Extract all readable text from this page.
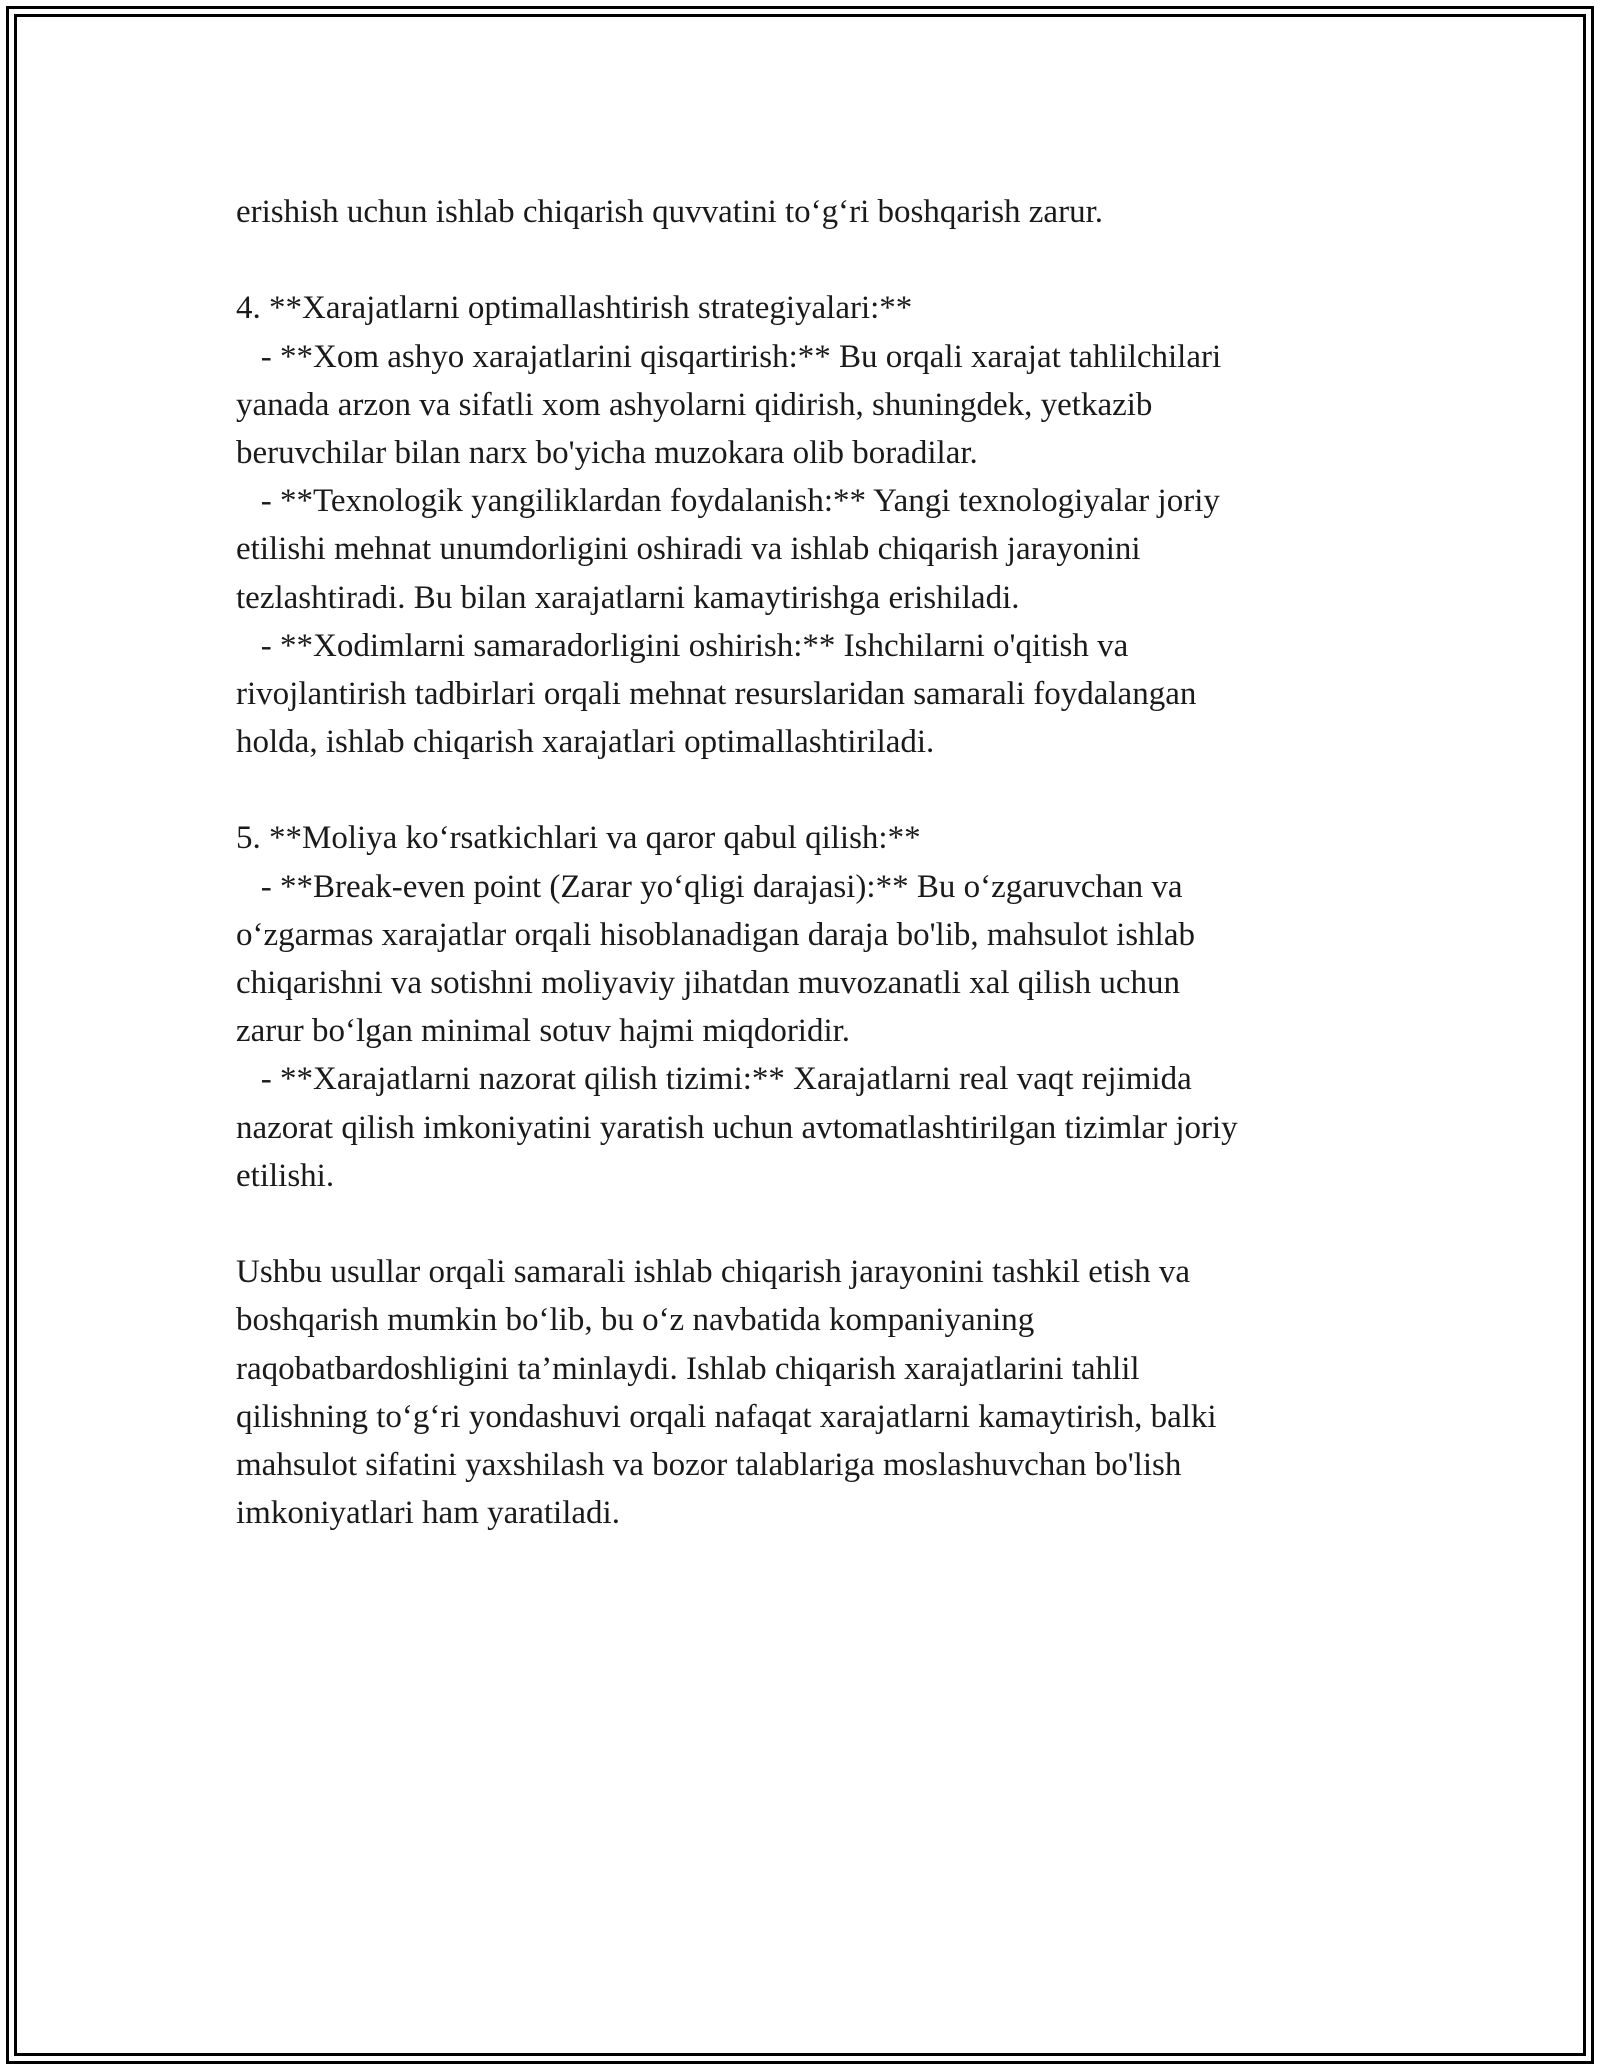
erishish uchun ishlab chiqarish quvvatini to‘g‘ri boshqarish zarur.
4. **Xarajatlarni optimallashtirish strategiyalari:**
- **Xom ashyo xarajatlarini qisqartirish:** Bu orqali xarajat tahlilchilari
yanada arzon va sifatli xom ashyolarni qidirish, shuningdek, yetkazib
beruvchilar bilan narx bo'yicha muzokara olib boradilar.
- **Texnologik yangiliklardan foydalanish:** Yangi texnologiyalar joriy
etilishi mehnat unumdorligini oshiradi va ishlab chiqarish jarayonini
tezlashtiradi. Bu bilan xarajatlarni kamaytirishga erishiladi.
- **Xodimlarni samaradorligini oshirish:** Ishchilarni o'qitish va
rivojlantirish tadbirlari orqali mehnat resurslaridan samarali foydalangan
holda, ishlab chiqarish xarajatlari optimallashtiriladi.
5. **Moliya ko‘rsatkichlari va qaror qabul qilish:**
- **Break-even point (Zarar yo‘qligi darajasi):** Bu o‘zgaruvchan va
o‘zgarmas xarajatlar orqali hisoblanadigan daraja bo'lib, mahsulot ishlab
chiqarishni va sotishni moliyaviy jihatdan muvozanatli xal qilish uchun
zarur bo‘lgan minimal sotuv hajmi miqdoridir.
- **Xarajatlarni nazorat qilish tizimi:** Xarajatlarni real vaqt rejimida
nazorat qilish imkoniyatini yaratish uchun avtomatlashtirilgan tizimlar joriy
etilishi.
Ushbu usullar orqali samarali ishlab chiqarish jarayonini tashkil etish va
boshqarish mumkin bo‘lib, bu o‘z navbatida kompaniyaning
raqobatbardoshligini ta’minlaydi. Ishlab chiqarish xarajatlarini tahlil
qilishning to‘g‘ri yondashuvi orqali nafaqat xarajatlarni kamaytirish, balki
mahsulot sifatini yaxshilash va bozor talablariga moslashuvchan bo'lish
imkoniyatlari ham yaratiladi.
